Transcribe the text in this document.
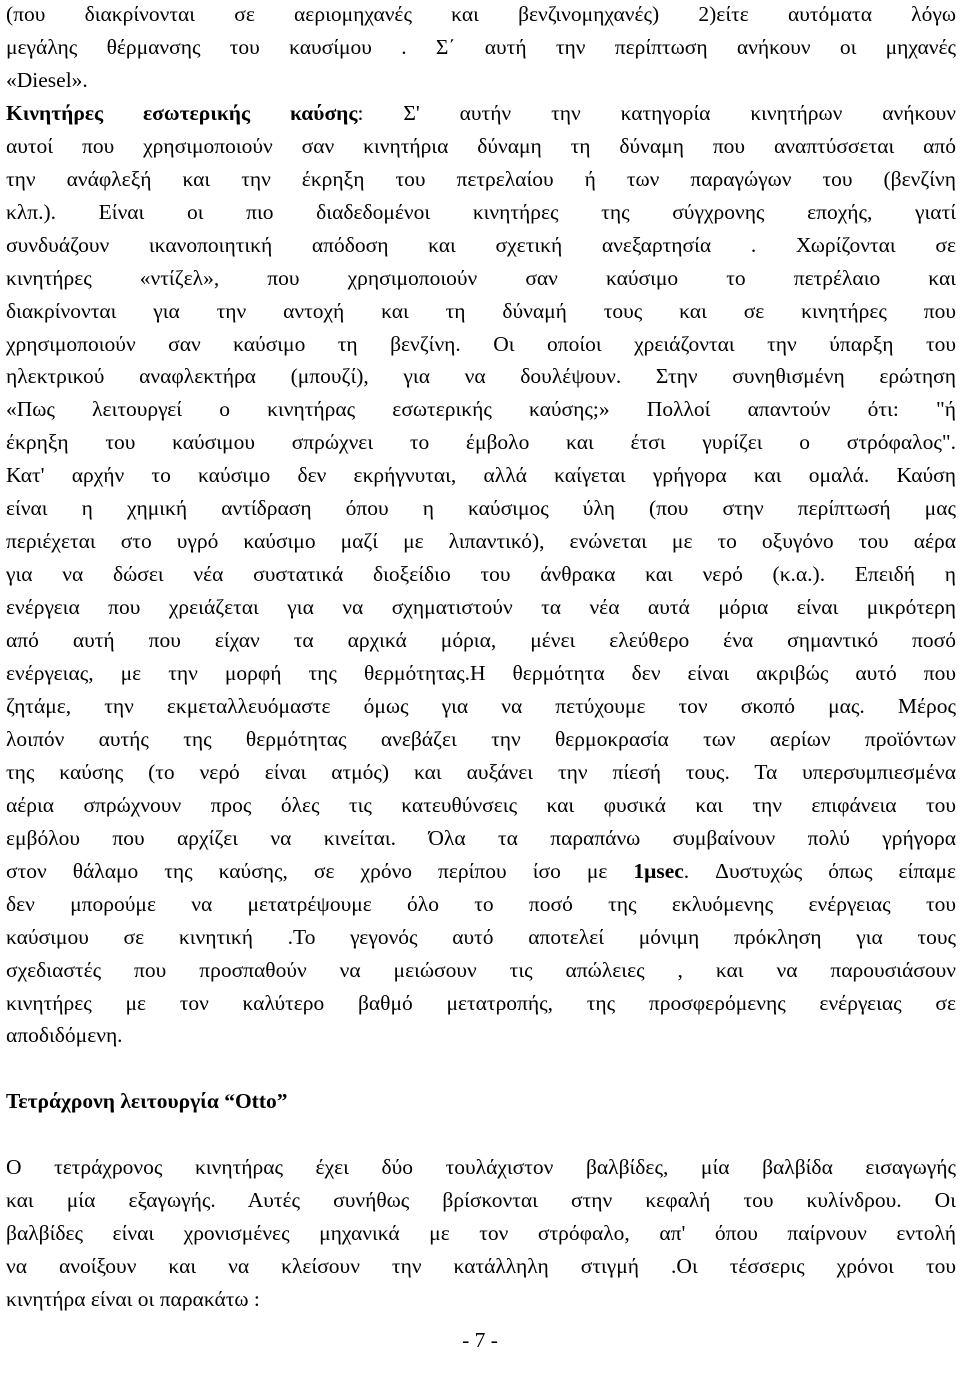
(που διακρίνονται σε αεριομηχανές και βενζινομηχανές) 2)είτε αυτόματα λόγω
μεγάλης θέρμανσης του καυσίμου . Σ΄ αυτή την περίπτωση ανήκουν οι μηχανές
«Diesel».
Κινητήρες εσωτερικής καύσης: Σ' αυτήν την κατηγορία κινητήρων ανήκουν
αυτοί που χρησιμοποιούν σαν κινητήρια δύναμη τη δύναμη που αναπτύσσεται από
την ανάφλεξή και την έκρηξη του πετρελαίου ή των παραγώγων του (βενζίνη
κλπ.). Είναι οι πιο διαδεδομένοι κινητήρες της σύγχρονης εποχής, γιατί
συνδυάζουν ικανοποιητική απόδοση και σχετική ανεξαρτησία . Χωρίζονται σε
κινητήρες «ντίζελ», που χρησιμοποιούν σαν καύσιμο το πετρέλαιο και
διακρίνονται για την αντοχή και τη δύναμή τους και σε κινητήρες που
χρησιμοποιούν σαν καύσιμο τη βενζίνη. Οι οποίοι χρειάζονται την ύπαρξη του
ηλεκτρικού αναφλεκτήρα (μπουζί), για να δουλέψουν. Στην συνηθισμένη ερώτηση
«Πως λειτουργεί ο κινητήρας εσωτερικής καύσης;» Πολλοί απαντούν ότι: "ή
έκρηξη του καύσιμου σπρώχνει το έμβολο και έτσι γυρίζει ο στρόφαλος".
Κατ' αρχήν το καύσιμο δεν εκρήγνυται, αλλά καίγεται γρήγορα και ομαλά. Καύση
είναι η χημική αντίδραση όπου η καύσιμος ύλη (που στην περίπτωσή μας
περιέχεται στο υγρό καύσιμο μαζί με λιπαντικό), ενώνεται με το οξυγόνο του αέρα
για να δώσει νέα συστατικά διοξείδιο του άνθρακα και νερό (κ.α.). Επειδή η
ενέργεια που χρειάζεται για να σχηματιστούν τα νέα αυτά μόρια είναι μικρότερη
από αυτή που είχαν τα αρχικά μόρια, μένει ελεύθερο ένα σημαντικό ποσό
ενέργειας, με την μορφή της θερμότητας.Η θερμότητα δεν είναι ακριβώς αυτό που
ζητάμε, την εκμεταλλευόμαστε όμως για να πετύχουμε τον σκοπό μας. Μέρος
λοιπόν αυτής της θερμότητας ανεβάζει την θερμοκρασία των αερίων προϊόντων
της καύσης (το νερό είναι ατμός) και αυξάνει την πίεσή τους. Τα υπερσυμπιεσμένα
αέρια σπρώχνουν προς όλες τις κατευθύνσεις και φυσικά και την επιφάνεια του
εμβόλου που αρχίζει να κινείται. Όλα τα παραπάνω συμβαίνουν πολύ γρήγορα
στον θάλαμο της καύσης, σε χρόνο περίπου ίσο με 1μsec. Δυστυχώς όπως είπαμε
δεν μπορούμε να μετατρέψουμε όλο το ποσό της εκλυόμενης ενέργειας του
καύσιμου σε κινητική .Το γεγονός αυτό αποτελεί μόνιμη πρόκληση για τους
σχεδιαστές που προσπαθούν να μειώσουν τις απώλειες , και να παρουσιάσουν
κινητήρες με τον καλύτερο βαθμό μετατροπής, της προσφερόμενης ενέργειας σε
αποδιδόμενη.
Τετράχρονη λειτουργία “Otto”
Ο τετράχρονος κινητήρας έχει δύο τουλάχιστον βαλβίδες, μία βαλβίδα εισαγωγής
και μία εξαγωγής. Αυτές συνήθως βρίσκονται στην κεφαλή του κυλίνδρου. Οι
βαλβίδες είναι χρονισμένες μηχανικά με τον στρόφαλο, απ' όπου παίρνουν εντολή
να ανοίξουν και να κλείσουν την κατάλληλη στιγμή .Οι τέσσερις χρόνοι του
κινητήρα είναι οι παρακάτω :
- 7 -
